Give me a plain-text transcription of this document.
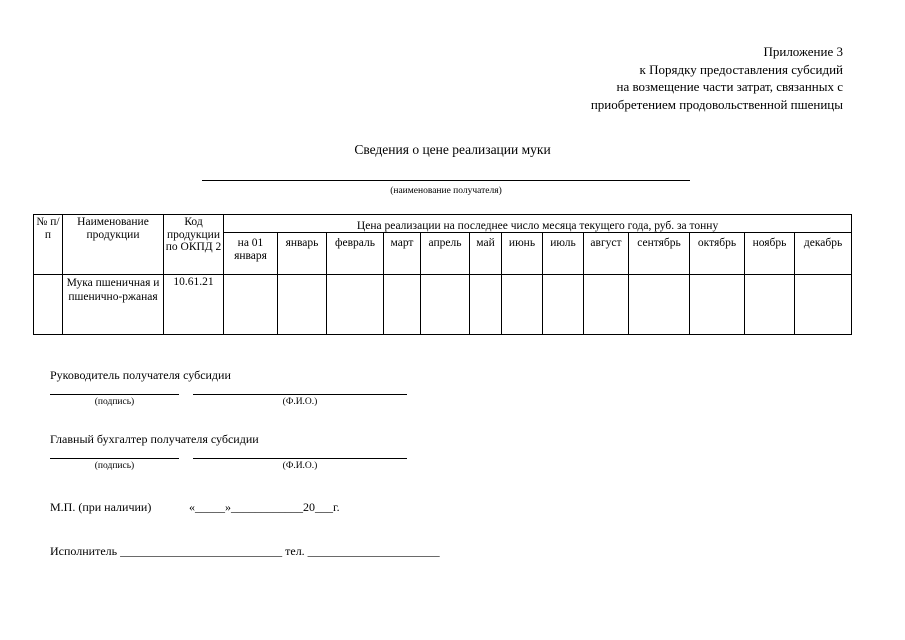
Приложение 3
к Порядку предоставления субсидий
на возмещение части затрат, связанных с
приобретением продовольственной пшеницы
Сведения о цене реализации муки
(наименование получателя)
№ п/п	Наименование продукции	Код продукции по ОКПД 2	Цена реализации на последнее число месяца текущего года, руб. за тонну												
			на 01 января	январь	февраль	март	апрель	май	июнь	июль	август	сентябрь	октябрь	ноябрь	декабрь
	Мука пшеничная и пшенично-ржаная	10.61.21													
Руководитель получателя субсидии
(подпись)	(Ф.И.О.)
Главный бухгалтер получателя субсидии
(подпись)	(Ф.И.О.)
М.П. (при наличии)	«_____»____________20___г.
Исполнитель ___________________________ тел. ______________________
